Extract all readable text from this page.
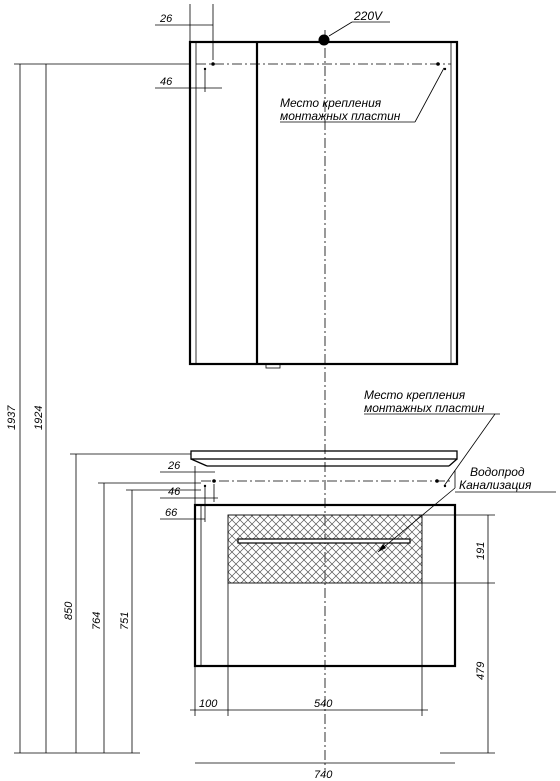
220V
Место крепления
монтажных пластин
26
46
Водопрод
Канализация
Место крепления
монтажных пластин
26
46
66
1937 1924
850
764 751
191
479
100	540
740
